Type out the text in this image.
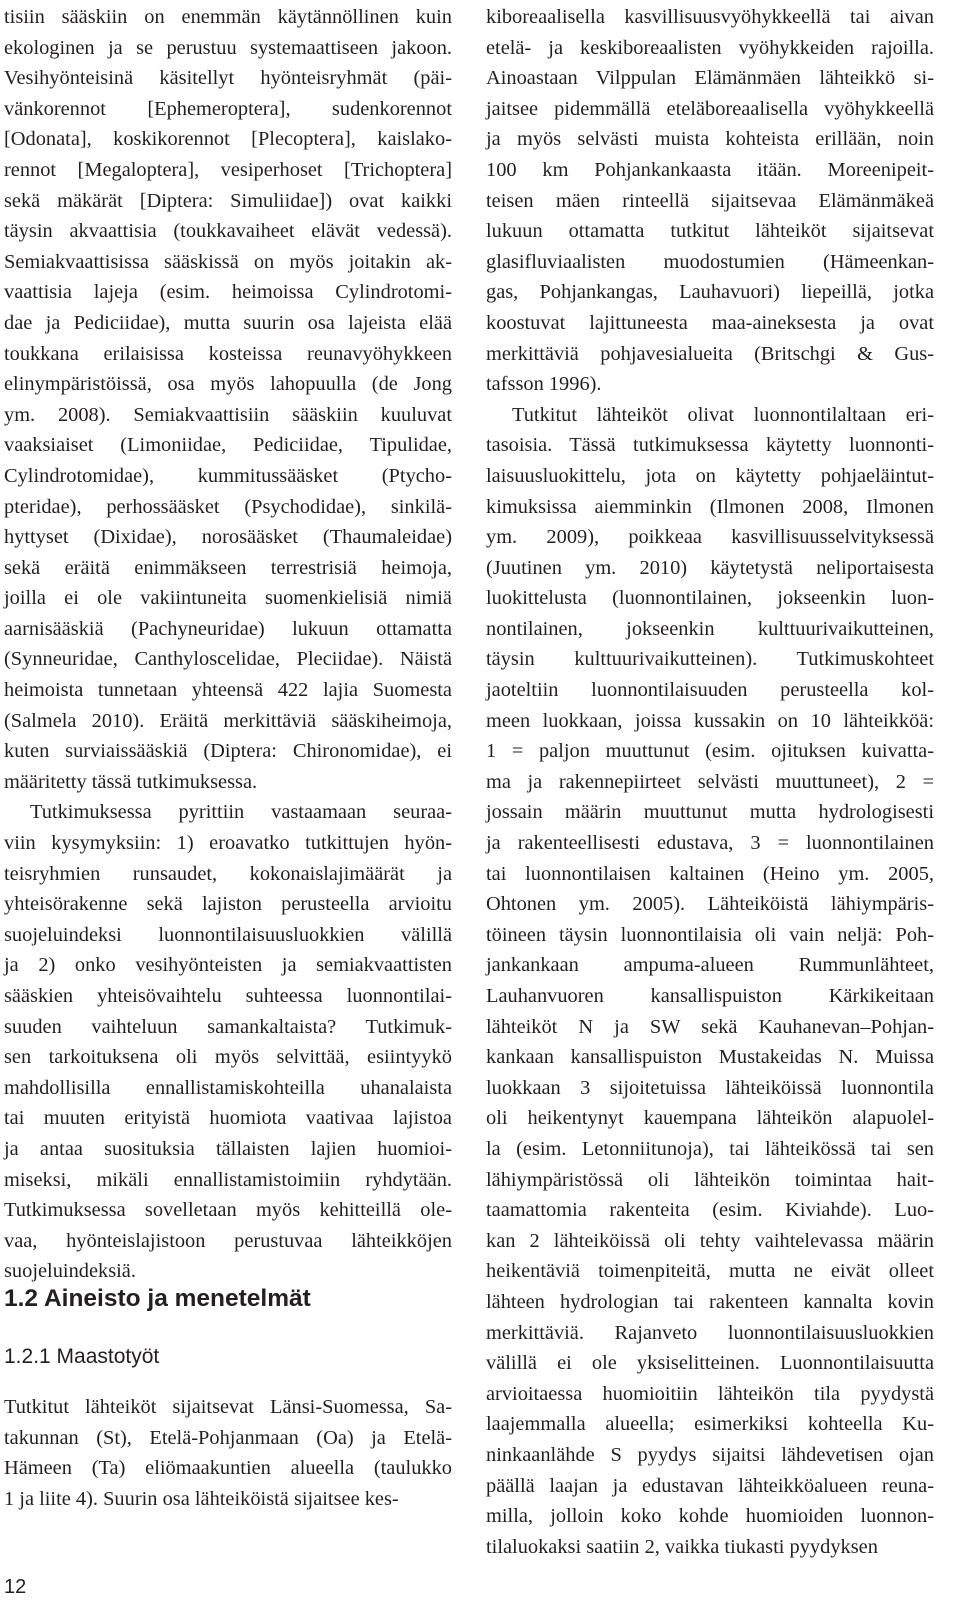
tisiin sääskiin on enemmän käytännöllinen kuin
ekologinen ja se perustuu systemaattiseen jakoon.
Vesihyönteisinä käsitellyt hyönteisryhmät (päi-
vänkorennot [Ephemeroptera], sudenkorennot
[Odonata], koskikorennot [Plecoptera], kaislako-
rennot [Megaloptera], vesiperhoset [Trichoptera]
sekä mäkärät [Diptera: Simuliidae]) ovat kaikki
täysin akvaattisia (toukkavaiheet elävät vedessä).
Semiakvaattisissa sääskissä on myös joitakin ak-
vaattisia lajeja (esim. heimoissa Cylindrotomi-
dae ja Pediciidae), mutta suurin osa lajeista elää
toukkana erilaisissa kosteissa reunavyöhykkeen
elinympäristöissä, osa myös lahopuulla (de Jong
ym. 2008). Semiakvaattisiin sääskiin kuuluvat
vaaksiaiset (Limoniidae, Pediciidae, Tipulidae,
Cylindrotomidae), kummitussääsket (Ptycho-
pteridae), perhossääsket (Psychodidae), sinkilä-
hyttyset (Dixidae), norosääsket (Thaumaleidae)
sekä eräitä enimmäkseen terrestrisiä heimoja,
joilla ei ole vakiintuneita suomenkielisiä nimiä
aarnisääskiä (Pachyneuridae) lukuun ottamatta
(Synneuridae, Canthyloscelidae, Pleciidae). Näistä
heimoista tunnetaan yhteensä 422 lajia Suomesta
(Salmela 2010). Eräitä merkittäviä sääskiheimoja,
kuten surviaissääskiä (Diptera: Chironomidae), ei
määritetty tässä tutkimuksessa.
Tutkimuksessa pyrittiin vastaamaan seuraa-
viin kysymyksiin: 1) eroavatko tutkittujen hyön-
teisryhmien runsaudet, kokonaislajimäärät ja
yhteisörakenne sekä lajiston perusteella arvioitu
suojeluindeksi luonnontilaisuusluokkien välillä
ja 2) onko vesihyönteisten ja semiakvaattisten
sääskien yhteisövaihtelu suhteessa luonnontilai-
suuden vaihteluun samankaltaista? Tutkimuk-
sen tarkoituksena oli myös selvittää, esiintyykö
mahdollisilla ennallistamiskohteilla uhanalaista
tai muuten erityistä huomiota vaativaa lajistoa
ja antaa suosituksia tällaisten lajien huomioi-
miseksi, mikäli ennallistamistoimiin ryhdytään.
Tutkimuksessa sovelletaan myös kehitteillä ole-
vaa, hyönteislajistoon perustuvaa lähteikköjen
suojeluindeksiä.
Tutkitut lähteiköt sijaitsevat Länsi-Suomessa, Sa-
takunnan (St), Etelä-Pohjanmaan (Oa) ja Etelä-
Hämeen (Ta) eliömaakuntien alueella (taulukko
1 ja liite 4). Suurin osa lähteiköistä sijaitsee kes-
1.2 Aineisto ja menetelmät
1.2.1 Maastotyöt
kiboreaalisella kasvillisuusvyöhykkeellä tai aivan
etelä- ja keskiboreaalisten vyöhykkeiden rajoilla.
Ainoastaan Vilppulan Elämänmäen lähteikkö si-
jaitsee pidemmällä eteläboreaalisella vyöhykkeellä
ja myös selvästi muista kohteista erillään, noin
100 km Pohjankankaasta itään. Moreenipeit-
teisen mäen rinteellä sijaitsevaa Elämänmäkeä
lukuun ottamatta tutkitut lähteiköt sijaitsevat
glasifluviaalisten muodostumien (Hämeenkan-
gas, Pohjankangas, Lauhavuori) liepeillä, jotka
koostuvat lajittuneesta maa-aineksesta ja ovat
merkittäviä pohjavesialueita (Britschgi & Gus-
tafsson 1996).
Tutkitut lähteiköt olivat luonnontilaltaan eri-
tasoisia. Tässä tutkimuksessa käytetty luonnonti-
laisuusluokittelu, jota on käytetty pohjaeläintut-
kimuksissa aiemminkin (Ilmonen 2008, Ilmonen
ym. 2009), poikkeaa kasvillisuusselvityksessä
(Juutinen ym. 2010) käytetystä neliportaisesta
luokittelusta (luonnontilainen, jokseenkin luon-
nontilainen, jokseenkin kulttuurivaikutteinen,
täysin kulttuurivaikutteinen). Tutkimuskohteet
jaoteltiin luonnontilaisuuden perusteella kol-
meen luokkaan, joissa kussakin on 10 lähteikköä:
1 = paljon muuttunut (esim. ojituksen kuivatta-
ma ja rakennepiirteet selvästi muuttuneet), 2 =
jossain määrin muuttunut mutta hydrologisesti
ja rakenteellisesti edustava, 3 = luonnontilainen
tai luonnontilaisen kaltainen (Heino ym. 2005,
Ohtonen ym. 2005). Lähteiköistä lähiympäris-
töineen täysin luonnontilaisia oli vain neljä: Poh-
jankankaan ampuma-alueen Rummunlähteet,
Lauhanvuoren kansallispuiston Kärkikeitaan
lähteiköt N ja SW sekä Kauhanevan–Pohjan-
kankaan kansallispuiston Mustakeidas N. Muissa
luokkaan 3 sijoitetuissa lähteiköissä luonnontila
oli heikentynyt kauempana lähteikön alapuolel-
la (esim. Letonniitunoja), tai lähteikössä tai sen
lähiympäristössä oli lähteikön toimintaa hait-
taamattomia rakenteita (esim. Kiviahde). Luo-
kan 2 lähteiköissä oli tehty vaihtelevassa määrin
heikentäviä toimenpiteitä, mutta ne eivät olleet
lähteen hydrologian tai rakenteen kannalta kovin
merkittäviä. Rajanveto luonnontilaisuusluokkien
välillä ei ole yksiselitteinen. Luonnontilaisuutta
arvioitaessa huomioitiin lähteikön tila pyydystä
laajemmalla alueella; esimerkiksi kohteella Ku-
ninkaanlähde S pyydys sijaitsi lähdevetisen ojan
päällä laajan ja edustavan lähteikköalueen reuna-
milla, jolloin koko kohde huomioiden luonnon-
tilaluokaksi saatiin 2, vaikka tiukasti pyydyksen
12
